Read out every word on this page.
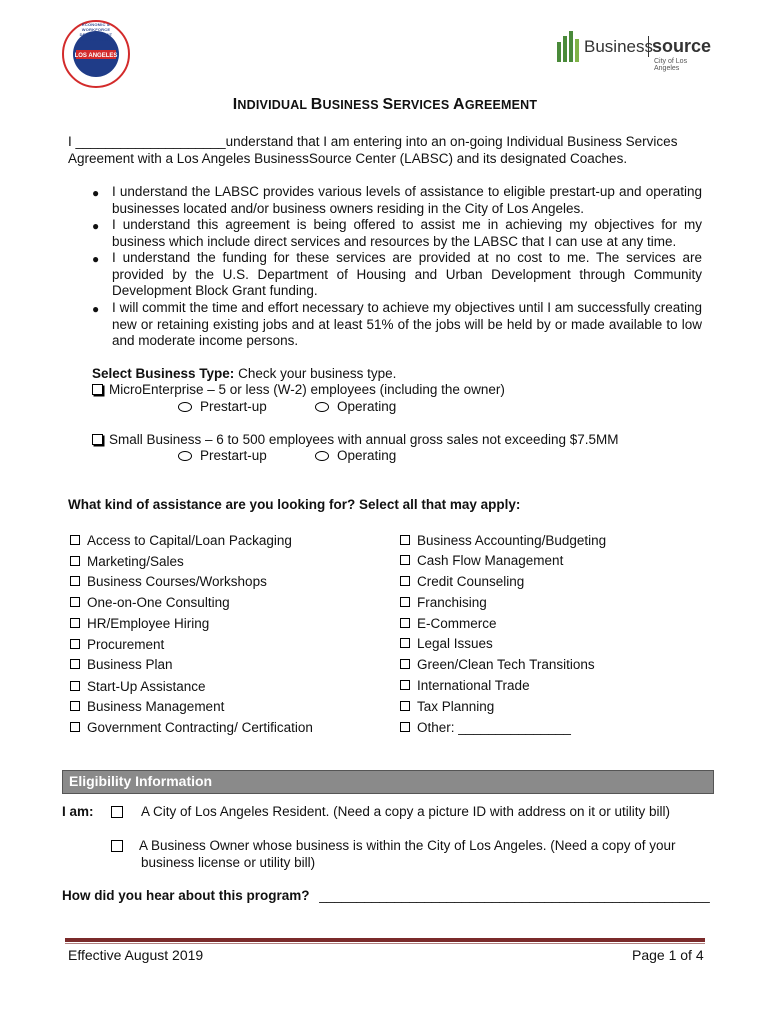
LOS ANGELES
ECONOMIC & WORKFORCE DEVELOPMENT DEPARTMENT	Business source
City of Los Angeles
INDIVIDUAL BUSINESS SERVICES AGREEMENT
I ____________________understand that I am entering into an on-going Individual Business Services
Agreement with a Los Angeles BusinessSource Center (LABSC) and its designated Coaches.
● I understand the LABSC provides various levels of assistance to eligible prestart-up and operating businesses located and/or business owners residing in the City of Los Angeles.
● I understand this agreement is being offered to assist me in achieving my objectives for my business which include direct services and resources by the LABSC that I can use at any time.
● I understand the funding for these services are provided at no cost to me. The services are provided by the U.S. Department of Housing and Urban Development through Community Development Block Grant funding.
● I will commit the time and effort necessary to achieve my objectives until I am successfully creating new or retaining existing jobs and at least 51% of the jobs will be held by or made available to low and moderate income persons.
Select Business Type: Check your business type.
MicroEnterprise – 5 or less (W-2) employees (including the owner)
Prestart-up	Operating
Small Business – 6 to 500 employees with annual gross sales not exceeding $7.5MM
Prestart-up	Operating
What kind of assistance are you looking for? Select all that may apply:
Access to Capital/Loan Packaging
Marketing/Sales
Business Courses/Workshops
One-on-One Consulting
HR/Employee Hiring
Procurement
Business Plan
Start-Up Assistance
Business Management
Government Contracting/ Certification
Business Accounting/Budgeting
Cash Flow Management
Credit Counseling
Franchising
E-Commerce
Legal Issues
Green/Clean Tech Transitions
International Trade
Tax Planning
Other: _______________
Eligibility Information
I am:	A City of Los Angeles Resident. (Need a copy a picture ID with address on it or utility bill)
A Business Owner whose business is within the City of Los Angeles. (Need a copy of your
business license or utility bill)
How did you hear about this program? ____________________________________________________
Effective August 2019	Page 1 of 4
